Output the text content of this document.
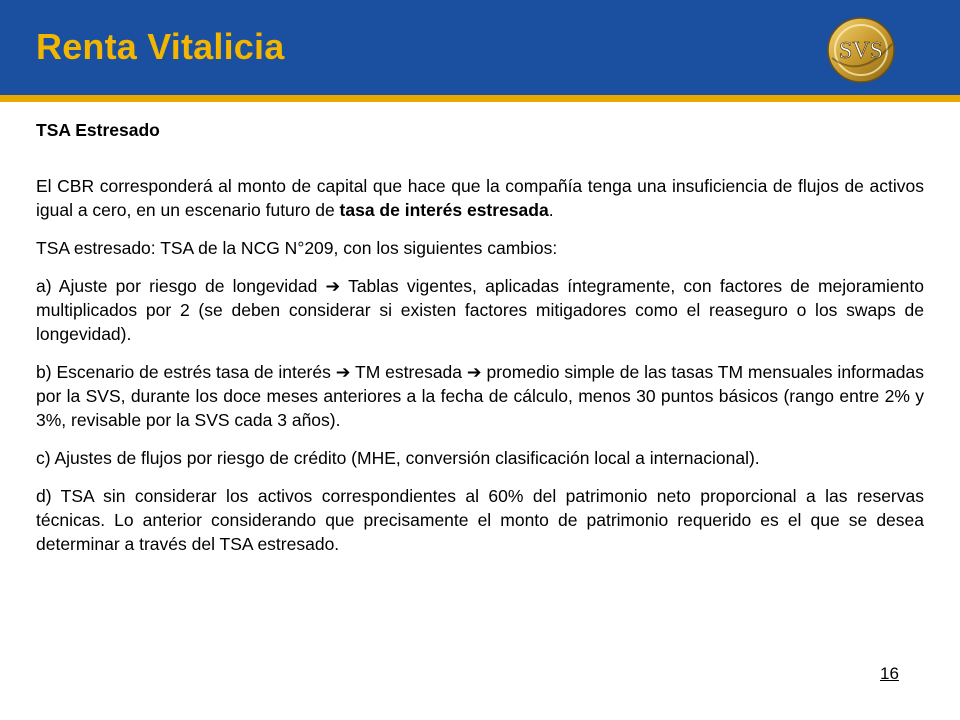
Renta Vitalicia	SVS
TSA Estresado

El CBR corresponderá al monto de capital que hace que la compañía tenga una insuficiencia de flujos de activos igual a cero, en un escenario futuro de tasa de interés estresada.

TSA estresado: TSA de la NCG N°209, con los siguientes cambios:

a) Ajuste por riesgo de longevidad ➔ Tablas vigentes, aplicadas íntegramente, con factores de mejoramiento multiplicados por 2 (se deben considerar si existen factores mitigadores como el reaseguro o los swaps de longevidad).

b) Escenario de estrés tasa de interés ➔ TM estresada ➔ promedio simple de las tasas TM mensuales informadas por la SVS, durante los doce meses anteriores a la fecha de cálculo, menos 30 puntos básicos (rango entre 2% y 3%, revisable por la SVS cada 3 años).

c) Ajustes de flujos por riesgo de crédito (MHE, conversión clasificación local a internacional).

d) TSA sin considerar los activos correspondientes al 60% del patrimonio neto proporcional a las reservas técnicas. Lo anterior considerando que precisamente el monto de patrimonio requerido es el que se desea determinar a través del TSA estresado.

16
